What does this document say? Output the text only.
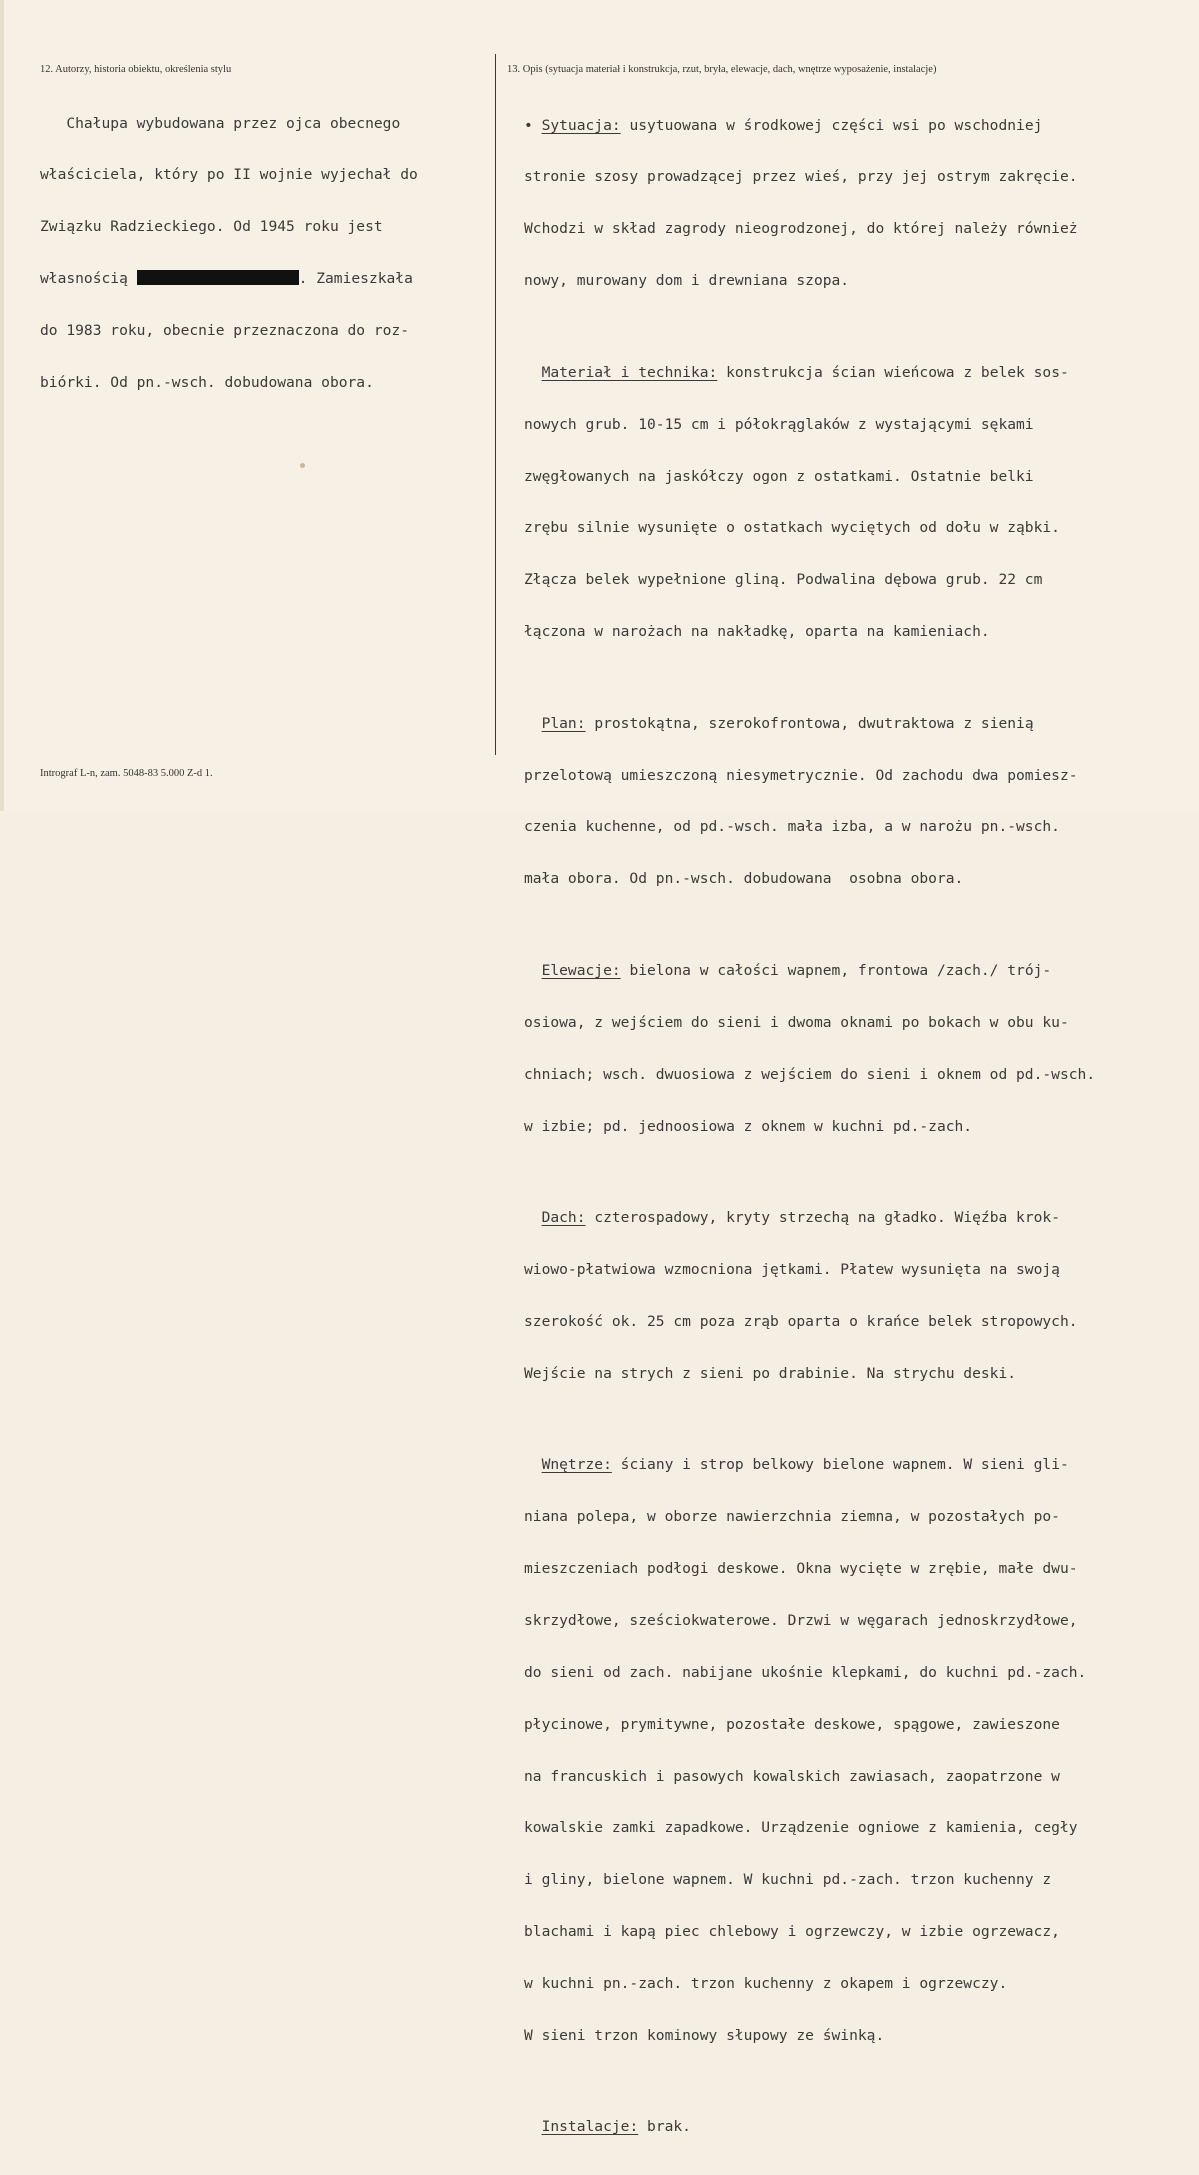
12. Autorzy, historia obiektu, określenia stylu	13. Opis (sytuacja materiał i konstrukcja, rzut, bryła, elewacje, dach, wnętrze wyposażenie, instalacje)

Chałupa wybudowana przez ojca obecnego

właściciela, który po II wojnie wyjechał do

Związku Radzieckiego. Od 1945 roku jest

własnością	. Zamieszkała

do 1983 roku, obecnie przeznaczona do roz-

biórki. Od pn.-wsch. dobudowana obora.

• Sytuacja: usytuowana w środkowej części wsi po wschodniej

stronie szosy prowadzącej przez wieś, przy jej ostrym zakręcie.

Wchodzi w skład zagrody nieogrodzonej, do której należy również

nowy, murowany dom i drewniana szopa.

Materiał i technika: konstrukcja ścian wieńcowa z belek sos-

nowych grub. 10-15 cm i półokrąglaków z wystającymi sękami

zwęgłowanych na jaskółczy ogon z ostatkami. Ostatnie belki

zrębu silnie wysunięte o ostatkach wyciętych od dołu w ząbki.

Złącza belek wypełnione gliną. Podwalina dębowa grub. 22 cm

łączona w narożach na nakładkę, oparta na kamieniach.

Plan: prostokątna, szerokofrontowa, dwutraktowa z sienią

przelotową umieszczoną niesymetrycznie. Od zachodu dwa pomiesz-

czenia kuchenne, od pd.-wsch. mała izba, a w narożu pn.-wsch.

mała obora. Od pn.-wsch. dobudowana  osobna obora.

Elewacje: bielona w całości wapnem, frontowa /zach./ trój-

osiowa, z wejściem do sieni i dwoma oknami po bokach w obu ku-

chniach; wsch. dwuosiowa z wejściem do sieni i oknem od pd.-wsch.

w izbie; pd. jednoosiowa z oknem w kuchni pd.-zach.

Dach: czterospadowy, kryty strzechą na gładko. Więźba krok-

wiowo-płatwiowa wzmocniona jętkami. Płatew wysunięta na swoją

szerokość ok. 25 cm poza zrąb oparta o krańce belek stropowych.

Wejście na strych z sieni po drabinie. Na strychu deski.

Wnętrze: ściany i strop belkowy bielone wapnem. W sieni gli-

niana polepa, w oborze nawierzchnia ziemna, w pozostałych po-

mieszczeniach podłogi deskowe. Okna wycięte w zrębie, małe dwu-

skrzydłowe, sześciokwaterowe. Drzwi w węgarach jednoskrzydłowe,

do sieni od zach. nabijane ukośnie klepkami, do kuchni pd.-zach.

płycinowe, prymitywne, pozostałe deskowe, spągowe, zawieszone

na francuskich i pasowych kowalskich zawiasach, zaopatrzone w

kowalskie zamki zapadkowe. Urządzenie ogniowe z kamienia, cegły

i gliny, bielone wapnem. W kuchni pd.-zach. trzon kuchenny z

blachami i kapą piec chlebowy i ogrzewczy, w izbie ogrzewacz,

w kuchni pn.-zach. trzon kuchenny z okapem i ogrzewczy.

W sieni trzon kominowy słupowy ze świnką.

Instalacje: brak.

Intrograf L-n, zam. 5048-83 5.000 Z-d 1.
